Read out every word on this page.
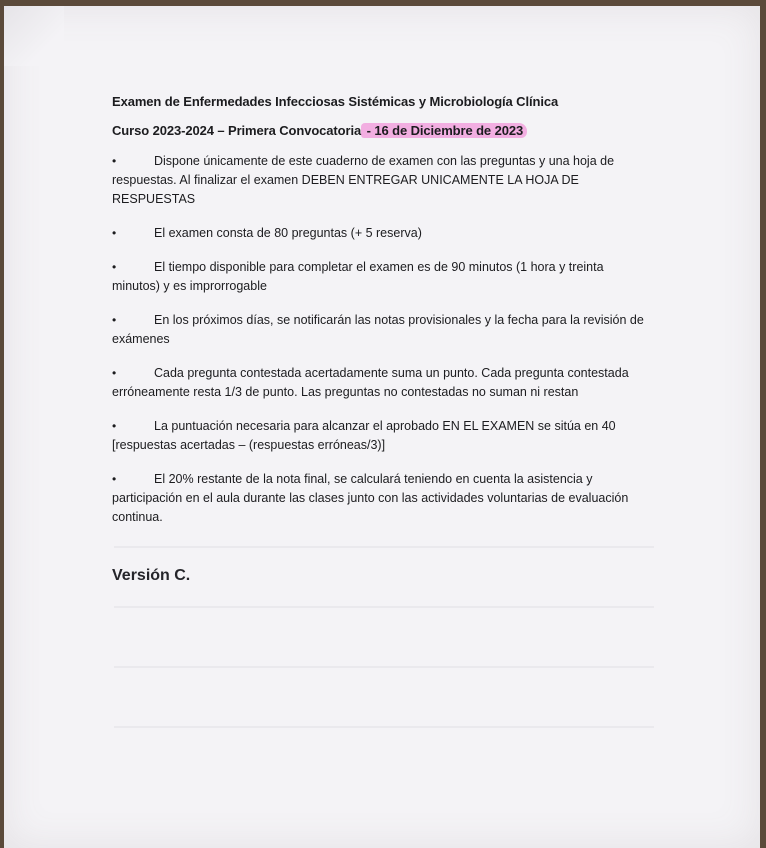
Examen de Enfermedades Infecciosas Sistémicas y Microbiología Clínica

Curso 2023-2024 – Primera Convocatoria - 16 de Diciembre de 2023

•	Dispone únicamente de este cuaderno de examen con las preguntas y una hoja de respuestas. Al finalizar el examen DEBEN ENTREGAR UNICAMENTE LA HOJA DE RESPUESTAS
•	El examen consta de 80 preguntas (+ 5 reserva)
•	El tiempo disponible para completar el examen es de 90 minutos (1 hora y treinta minutos) y es improrrogable
•	En los próximos días, se notificarán las notas provisionales y la fecha para la revisión de exámenes
•	Cada pregunta contestada acertadamente suma un punto. Cada pregunta contestada erróneamente resta 1/3 de punto. Las preguntas no contestadas no suman ni restan
•	La puntuación necesaria para alcanzar el aprobado EN EL EXAMEN se sitúa en 40 [respuestas acertadas – (respuestas erróneas/3)]
•	El 20% restante de la nota final, se calculará teniendo en cuenta la asistencia y participación en el aula durante las clases junto con las actividades voluntarias de evaluación continua.
Versión C.
